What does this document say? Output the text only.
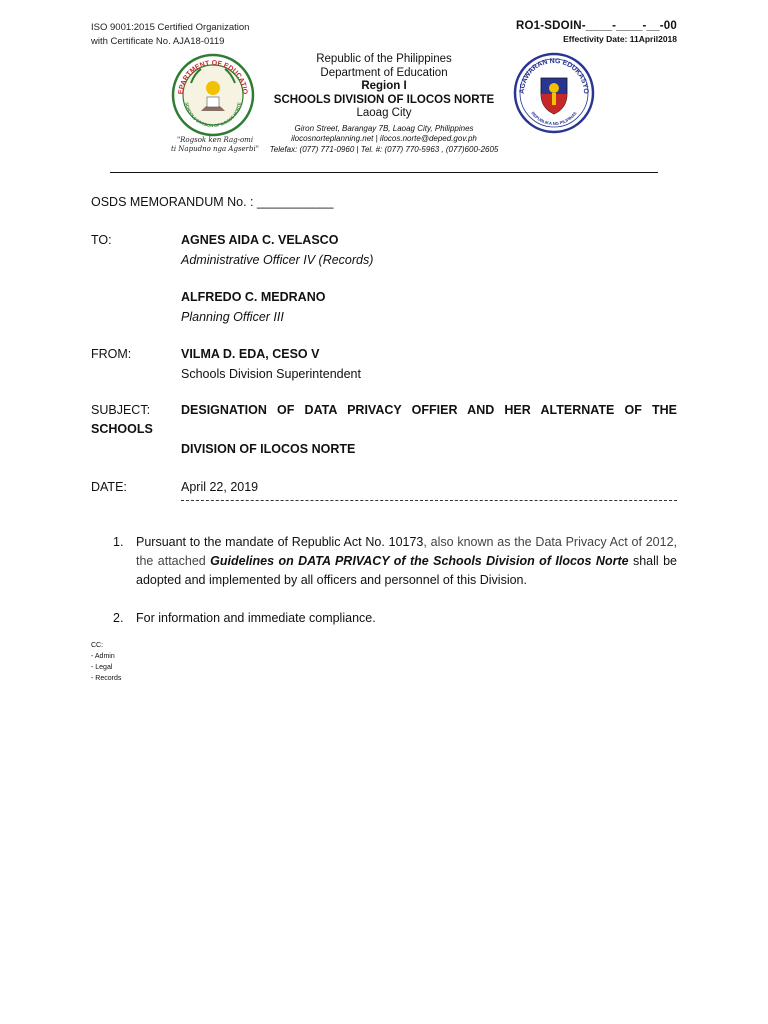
ISO 9001:2015 Certified Organization
with Certificate No. AJA18-0119
RO1-SDOIN-____-____-__-00
Effectivity Date: 11April2018
EPARTMENT OF EDUCATIO
SCHOOLS DIVISION OF ILOCOS NORTE
"Rogsok ken Rag-omi
ti Napudno nga Agserbi"
Republic of the Philippines
Department of Education
Region I
SCHOOLS DIVISION OF ILOCOS NORTE
Laoag City
Giron Street, Barangay 7B, Laoag City, Philippines
ilocosnorteplanning.net | ilocos.norte@deped.gov.ph
Telefax: (077) 771-0960 | Tel. #: (077) 770-5963 , (077)600-2605
AGAWARAN NG EDUKASYO
REPUBLIKA NG PILIPINAS
OSDS MEMORANDUM No. : ___________
TO:	AGNES AIDA C. VELASCO
Administrative Officer IV (Records)
ALFREDO C. MEDRANO
Planning Officer III
FROM:	VILMA D. EDA, CESO V
Schools Division Superintendent
SUBJECT: DESIGNATION OF DATA PRIVACY OFFIER AND HER ALTERNATE OF THE
SCHOOLS
DIVISION OF ILOCOS NORTE
DATE:	April 22, 2019
1. Pursuant to the mandate of Republic Act No. 10173, also known as the Data Privacy Act of 2012, the attached Guidelines on DATA PRIVACY of the Schools Division of Ilocos Norte shall be adopted and implemented by all officers and personnel of this Division.
2. For information and immediate compliance.
CC:
- Admin
- Legal
- Records
